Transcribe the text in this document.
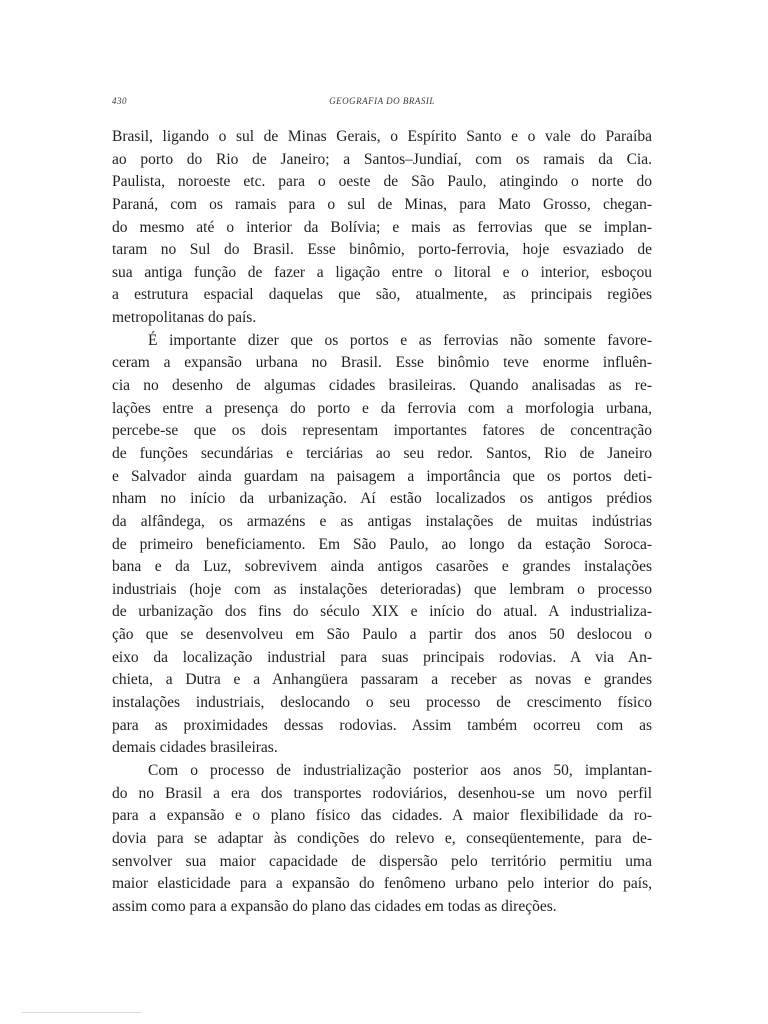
430	GEOGRAFIA DO BRASIL
Brasil, ligando o sul de Minas Gerais, o Espírito Santo e o vale do Paraíba
ao porto do Rio de Janeiro; a Santos–Jundiaí, com os ramais da Cia.
Paulista, noroeste etc. para o oeste de São Paulo, atingindo o norte do
Paraná, com os ramais para o sul de Minas, para Mato Grosso, chegan-
do mesmo até o interior da Bolívia; e mais as ferrovias que se implan-
taram no Sul do Brasil. Esse binômio, porto-ferrovia, hoje esvaziado de
sua antiga função de fazer a ligação entre o litoral e o interior, esboçou
a estrutura espacial daquelas que são, atualmente, as principais regiões
metropolitanas do país.
É importante dizer que os portos e as ferrovias não somente favore-
ceram a expansão urbana no Brasil. Esse binômio teve enorme influên-
cia no desenho de algumas cidades brasileiras. Quando analisadas as re-
lações entre a presença do porto e da ferrovia com a morfologia urbana,
percebe-se que os dois representam importantes fatores de concentração
de funções secundárias e terciárias ao seu redor. Santos, Rio de Janeiro
e Salvador ainda guardam na paisagem a importância que os portos deti-
nham no início da urbanização. Aí estão localizados os antigos prédios
da alfândega, os armazéns e as antigas instalações de muitas indústrias
de primeiro beneficiamento. Em São Paulo, ao longo da estação Soroca-
bana e da Luz, sobrevivem ainda antigos casarões e grandes instalações
industriais (hoje com as instalações deterioradas) que lembram o processo
de urbanização dos fins do século XIX e início do atual. A industrializa-
ção que se desenvolveu em São Paulo a partir dos anos 50 deslocou o
eixo da localização industrial para suas principais rodovias. A via An-
chieta, a Dutra e a Anhangüera passaram a receber as novas e grandes
instalações industriais, deslocando o seu processo de crescimento físico
para as proximidades dessas rodovias. Assim também ocorreu com as
demais cidades brasileiras.
Com o processo de industrialização posterior aos anos 50, implantan-
do no Brasil a era dos transportes rodoviários, desenhou-se um novo perfil
para a expansão e o plano físico das cidades. A maior flexibilidade da ro-
dovia para se adaptar às condições do relevo e, conseqüentemente, para de-
senvolver sua maior capacidade de dispersão pelo território permitiu uma
maior elasticidade para a expansão do fenômeno urbano pelo interior do país,
assim como para a expansão do plano das cidades em todas as direções.
